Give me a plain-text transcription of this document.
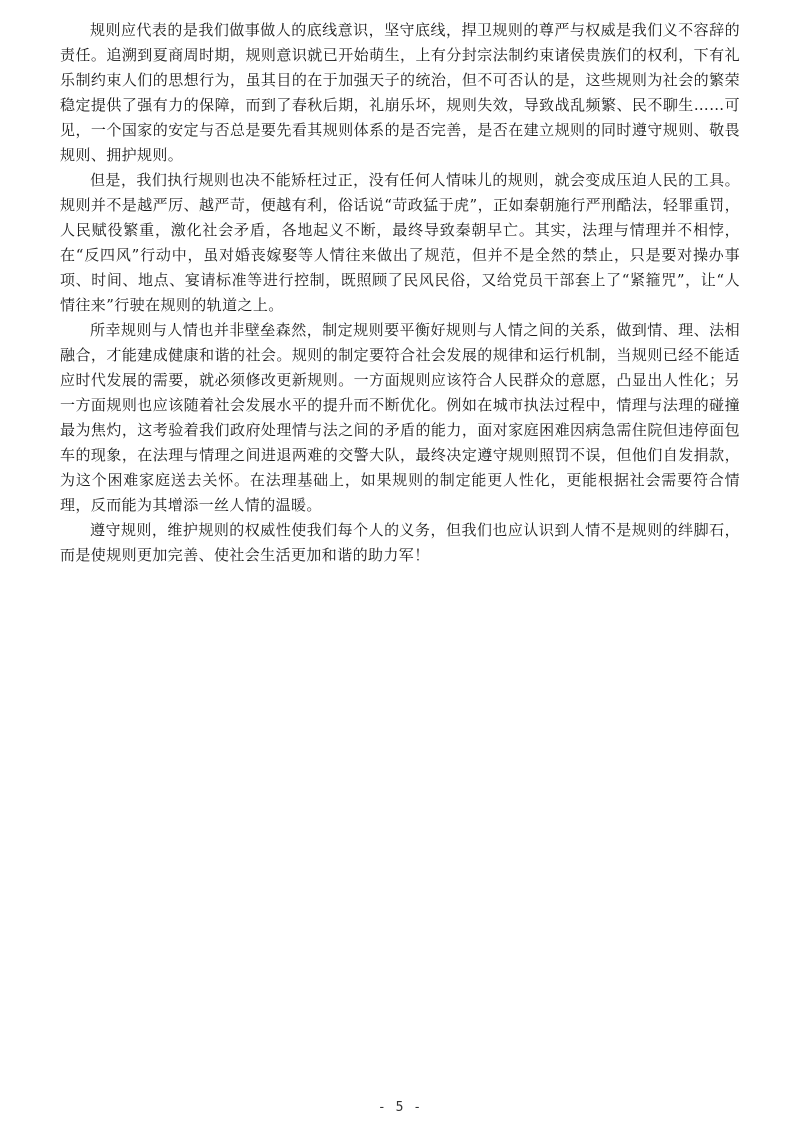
规则应代表的是我们做事做人的底线意识，坚守底线，捍卫规则的尊严与权威是我们义不容辞的责任。追溯到夏商周时期，规则意识就已开始萌生，上有分封宗法制约束诸侯贵族们的权利，下有礼乐制约束人们的思想行为，虽其目的在于加强天子的统治，但不可否认的是，这些规则为社会的繁荣稳定提供了强有力的保障，而到了春秋后期，礼崩乐坏，规则失效，导致战乱频繁、民不聊生……可见，一个国家的安定与否总是要先看其规则体系的是否完善，是否在建立规则的同时遵守规则、敬畏规则、拥护规则。

但是，我们执行规则也决不能矫枉过正，没有任何人情味儿的规则，就会变成压迫人民的工具。规则并不是越严厉、越严苛，便越有利，俗话说“苛政猛于虎”，正如秦朝施行严刑酷法，轻罪重罚，人民赋役繁重，激化社会矛盾，各地起义不断，最终导致秦朝早亡。其实，法理与情理并不相悖，在“反四风”行动中，虽对婚丧嫁娶等人情往来做出了规范，但并不是全然的禁止，只是要对操办事项、时间、地点、宴请标准等进行控制，既照顾了民风民俗，又给党员干部套上了“紧箍咒”，让“人情往来”行驶在规则的轨道之上。

所幸规则与人情也并非壁垒森然，制定规则要平衡好规则与人情之间的关系，做到情、理、法相融合，才能建成健康和谐的社会。规则的制定要符合社会发展的规律和运行机制，当规则已经不能适应时代发展的需要，就必须修改更新规则。一方面规则应该符合人民群众的意愿，凸显出人性化；另一方面规则也应该随着社会发展水平的提升而不断优化。例如在城市执法过程中，情理与法理的碰撞最为焦灼，这考验着我们政府处理情与法之间的矛盾的能力，面对家庭困难因病急需住院但违停面包车的现象，在法理与情理之间进退两难的交警大队，最终决定遵守规则照罚不误，但他们自发捐款，为这个困难家庭送去关怀。在法理基础上，如果规则的制定能更人性化，更能根据社会需要符合情理，反而能为其增添一丝人情的温暖。

遵守规则，维护规则的权威性使我们每个人的义务，但我们也应认识到人情不是规则的绊脚石，而是使规则更加完善、使社会生活更加和谐的助力军！

- 5 -
